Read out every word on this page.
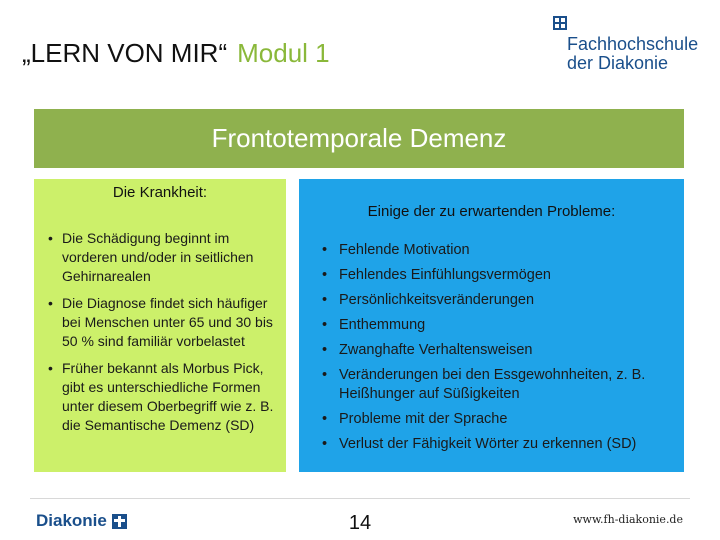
„LERN VON MIR“ Modul 1	Fachhochschule
der Diakonie
Frontotemporale Demenz
Die Krankheit:
• Die Schädigung beginnt im vorderen und/oder in seitlichen Gehirnarealen
• Die Diagnose findet sich häufiger bei Menschen unter 65 und 30 bis 50 % sind familiär vorbelastet
• Früher bekannt als Morbus Pick, gibt es unterschiedliche Formen unter diesem Oberbegriff wie z. B. die Semantische Demenz (SD)
Einige der zu erwartenden Probleme:
• Fehlende Motivation
• Fehlendes Einfühlungsvermögen
• Persönlichkeitsveränderungen
• Enthemmung
• Zwanghafte Verhaltensweisen
• Veränderungen bei den Essgewohnheiten, z. B. Heißhunger auf Süßigkeiten
• Probleme mit der Sprache
• Verlust der Fähigkeit Wörter zu erkennen (SD)
Diakonie	14	www.fh-diakonie.de
